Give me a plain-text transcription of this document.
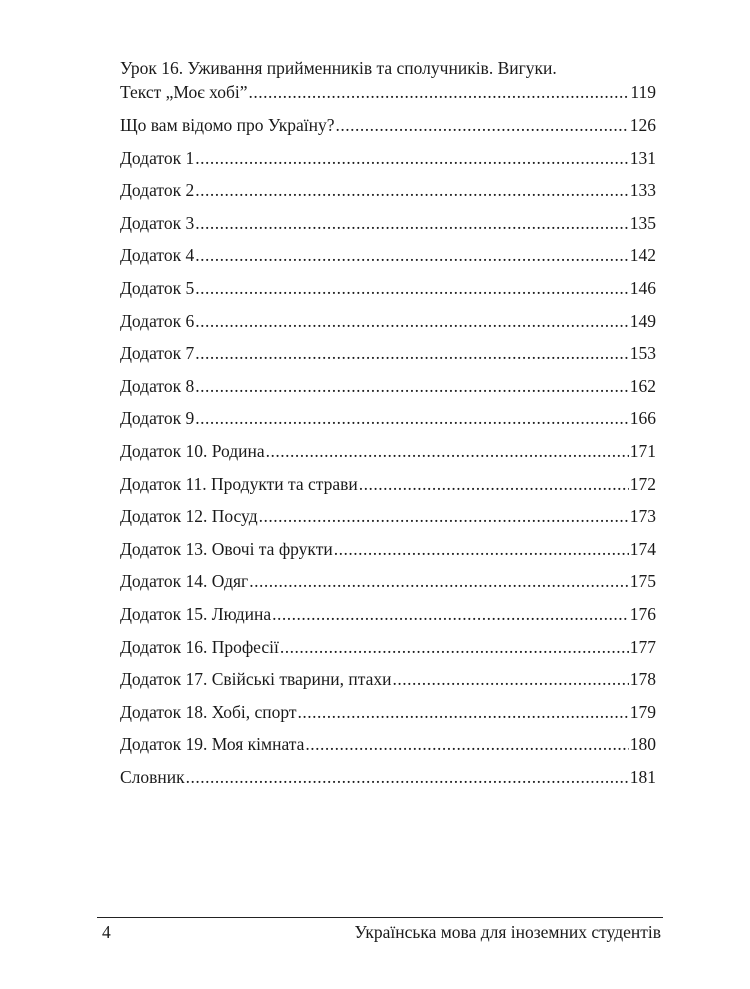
Урок 16. Уживання прийменників та сполучників. Вигуки.
Текст „Моє хобі” .....	119
Що вам відомо про Україну? .....	126
Додаток 1 .....	131
Додаток 2 .....	133
Додаток 3 .....	135
Додаток 4 .....	142
Додаток 5 .....	146
Додаток 6 .....	149
Додаток 7 .....	153
Додаток 8 .....	162
Додаток 9 .....	166
Додаток 10. Родина .....	171
Додаток 11. Продукти та страви .....	172
Додаток 12. Посуд .....	173
Додаток 13. Овочі та фрукти .....	174
Додаток 14. Одяг .....	175
Додаток 15. Людина .....	176
Додаток 16. Професії .....	177
Додаток 17. Свійські тварини, птахи .....	178
Додаток 18. Хобі, спорт .....	179
Додаток 19. Моя кімната .....	180
Словник .....	181
4	Українська мова для іноземних студентів
